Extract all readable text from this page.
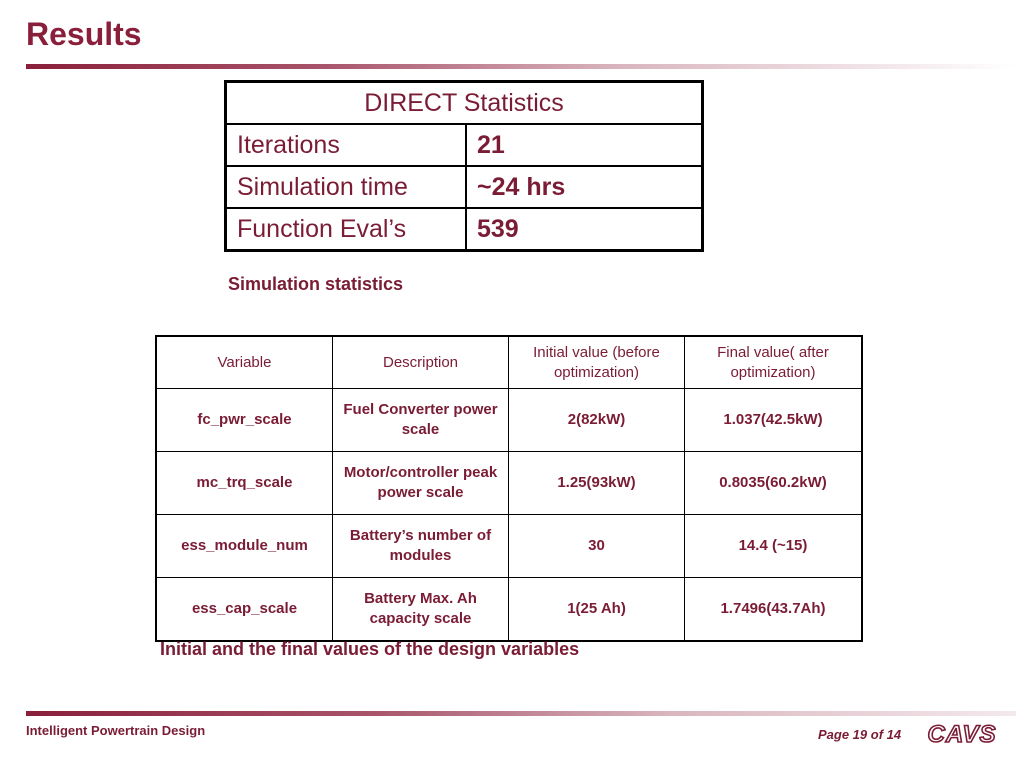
Results
DIRECT Statistics	
Iterations	21
Simulation time	~24 hrs
Function Eval’s	539
Simulation statistics
Variable	Description	Initial value (before optimization)	Final value( after optimization)
fc_pwr_scale	Fuel Converter power scale	2(82kW)	1.037(42.5kW)
mc_trq_scale	Motor/controller peak power scale	1.25(93kW)	0.8035(60.2kW)
ess_module_num	Battery’s number of modules	30	14.4 (~15)
ess_cap_scale	Battery Max. Ah capacity scale	1(25 Ah)	1.7496(43.7Ah)
Initial and the final values of the design variables
Intelligent Powertrain Design	Page 19 of 14 CAVS
